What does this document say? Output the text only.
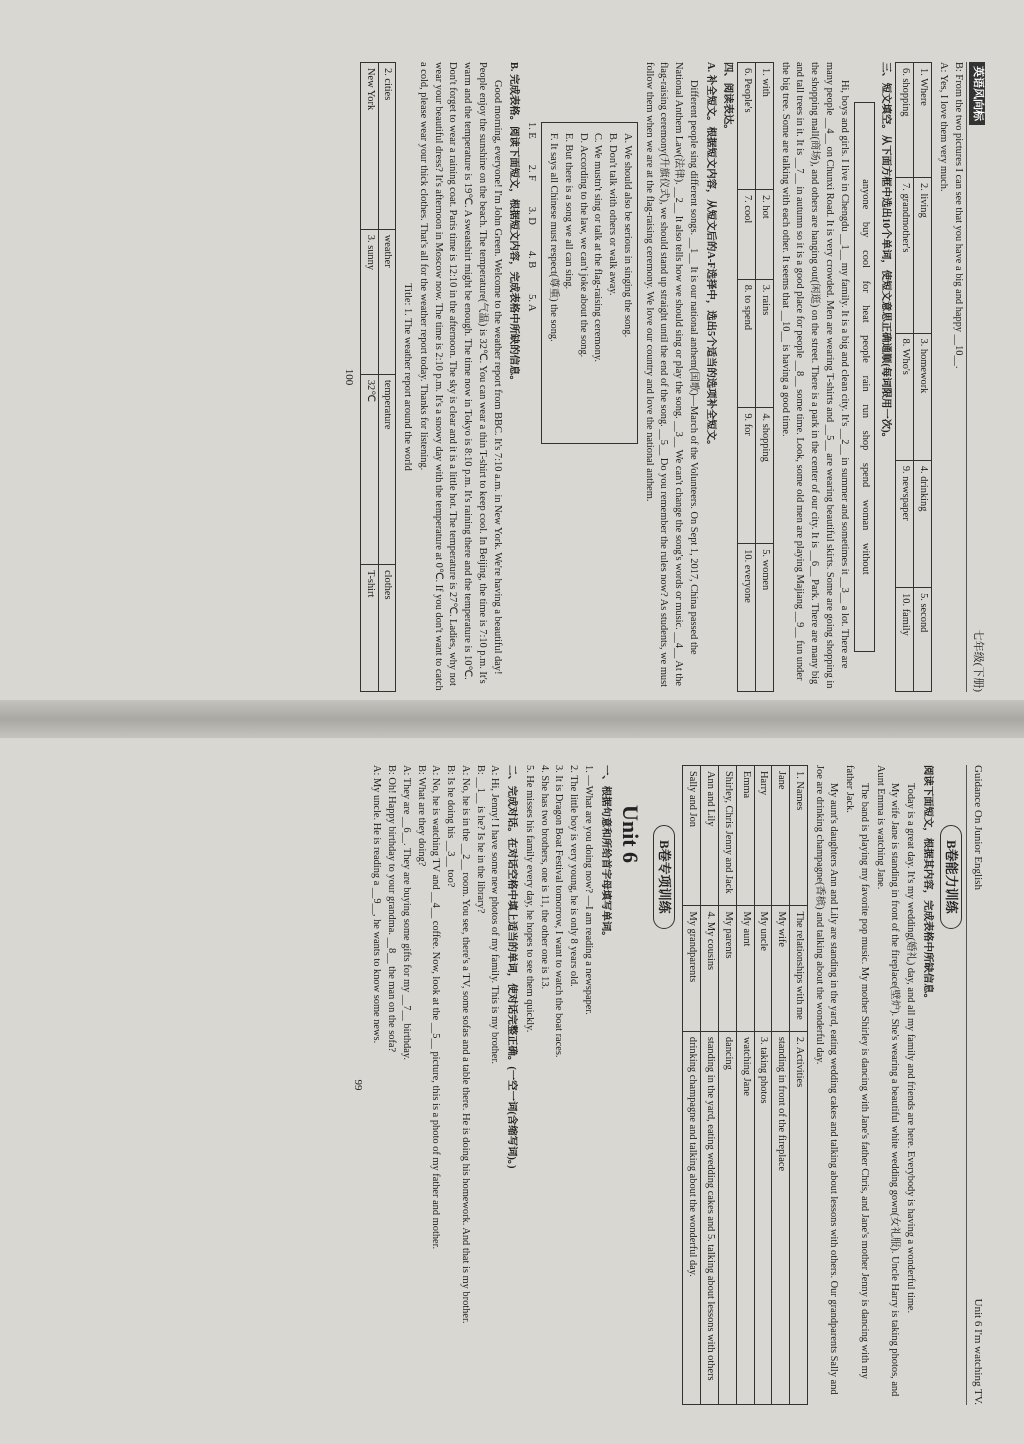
英语风向标
七年级(下册)

B: From the two pictures I can see that you have a big and happy __10__.

A: Yes, I love them very much.

1. Where	2. living	3. homework	4. drinking	5. second
6. shopping	7. grandmother's	8. Who's	9. newspaper	10. family
三、短文填空。从下面方框中选出10个单词，使短文意思正确通顺(每词限用一次)。
anyone buy cool for heat people rain run shop spend woman without

Hi, boys and girls. I live in Chengdu __1__ my family. It is a big and clean city. It's __2__ in summer and sometimes it __3__ a lot. There are many people __4__ on Chunxi Road. It is very crowded. Men are wearing T-shirts and __5__ are wearing beautiful skirts. Some are going shopping in the shopping mall(商场), and others are hanging out(闲逛) on the street. There is a park in the center of our city. It is __6__ Park. There are many big and tall trees in it. It is __7__ in autumn so it is a good place for people __8__ some time. Look, some old men are playing Majiang __9__ fun under the big tree. Some are talking with each other. It seems that __10__ is having a good time.

1. with	2. hot	3. rains	4. shopping	5. women
6. People's	7. cool	8. to spend	9. for	10. everyone
四、阅读表达。
A. 补全短文。根据短文内容，从短文后的A-F选择中，选出5个适当的选项补全短文。

Different people sing different songs. __1__ It is our national anthem(国歌)—March of the Volunteers. On Sept 1, 2017, China passed the National Anthem Law(法律). __2__ It also tells how we should sing or play the song. __3__ We can't change the song's words or music. __4__ At the flag-raising ceremony(升旗仪式), we should stand up straight until the end of the song. __5__ Do you remember the rules now? As students, we must follow them when we are at the flag-raising ceremony. We love our country and love the national anthem.

A. We should also be serious in singing the song.
B. Don't talk with others or walk away.
C. We mustn't sing or talk at the flag-raising ceremony.
D. According to the law, we can't joke about the song.
E. But there is a song we all can sing.
F. It says all Chinese must respect(尊重) the song.
1. E2. F3. D4. B5. A
B. 完成表格。阅读下面短文，根据短文内容，完成表格中所缺的信息。

Good morning, everyone! I'm John Green. Welcome to the weather report from BBC. It's 7:10 a.m. in New York. We're having a beautiful day! People enjoy the sunshine on the beach. The temperature(气温) is 32℃. You can wear a thin T-shirt to keep cool. In Beijing, the time is 7:10 p.m. It's warm and the temperature is 19℃. A sweatshirt might be enough. The time now in Tokyo is 8:10 p.m. It's raining there and the temperature is 10℃. Don't forget to wear a raining coat. Paris time is 12:10 in the afternoon. The sky is clear and it is a little hot. The temperature is 27℃. Ladies, why not wear your beautiful dress? It's afternoon in Moscow now. The time is 2:10 p.m. It's a snowy day with the temperature at 0℃. If you don't want to catch a cold, please wear your thick clothes. That's all for the weather report today. Thanks for listening.

Title: 1. The weather report around the world
2. cities	weather	temperature	clothes
New York	3. sunny	32℃	T-shirt
100
Guidance On Junior English
Unit 6 I'm watching TV.
B卷能力训练
阅读下面短文，根据其内容，完成表格中所缺信息。

Today is a great day. It's my wedding(婚礼) day, and all my family and friends are here. Everybody is having a wonderful time.

My wife Jane is standing in front of the fireplace(壁炉). She's wearing a beautiful white wedding gown(女礼服). Uncle Harry is taking photos, and Aunt Emma is watching Jane.

The band is playing my favorite pop music. My mother Shirley is dancing with Jane's father Chris, and Jane's mother Jenny is dancing with my father Jack.

My aunt's daughters Ann and Lily are standing in the yard, eating wedding cakes and talking about lessons with others. Our grandparents Sally and Joe are drinking champagne(香槟) and talking about the wonderful day.

1. Names	The relationships with me	2. Activities
Jane	My wife	standing in front of the fireplace
Harry	My uncle	3. taking photos
Emma	My aunt	watching Jane
Shirley, Chris Jenny and Jack	My parents	dancing
Ann and Lily	4. My cousins	standing in the yard, eating wedding cakes and 5. talking about lessons with others
Sally and Jon	My grandparents	drinking champagne and talking about the wonderful day.
B卷专项训练
Unit 6
一、根据句意和所给首字母填写单词。
1. —What are you doing now? —I am reading a newspaper.
2. The little boy is very young, he is only 8 years old.
3. It is Dragon Boat Festival tomorrow, I want to watch the boat races.
4. She has two brothers, one is 11, the other one is 13.
5. He misses his family every day, he hopes to see them quickly.
二、完成对话。在对话空格中填上适当的单词，使对话完整正确。(一空一词(含缩写词)。)
A: Hi, Jenny! I have some new photos of my family. This is my brother.
B: __1__ is he? Is he in the library?
A: No, he is in the __2__ room. You see, there's a TV, some sofas and a table there. He is doing his homework. And that is my brother.
B: Is he doing his __3__ too?
A: No, he is watching TV and __4__ coffee. Now, look at the __5__ picture, this is a photo of my father and mother.
B: What are they doing?
A: They are __6__. They are buying some gifts for my __7__ birthday.
B: Oh! Happy birthday to your grandma. __8__ the man on the sofa?
A: My uncle. He is reading a __9__, he wants to know some news.
99
